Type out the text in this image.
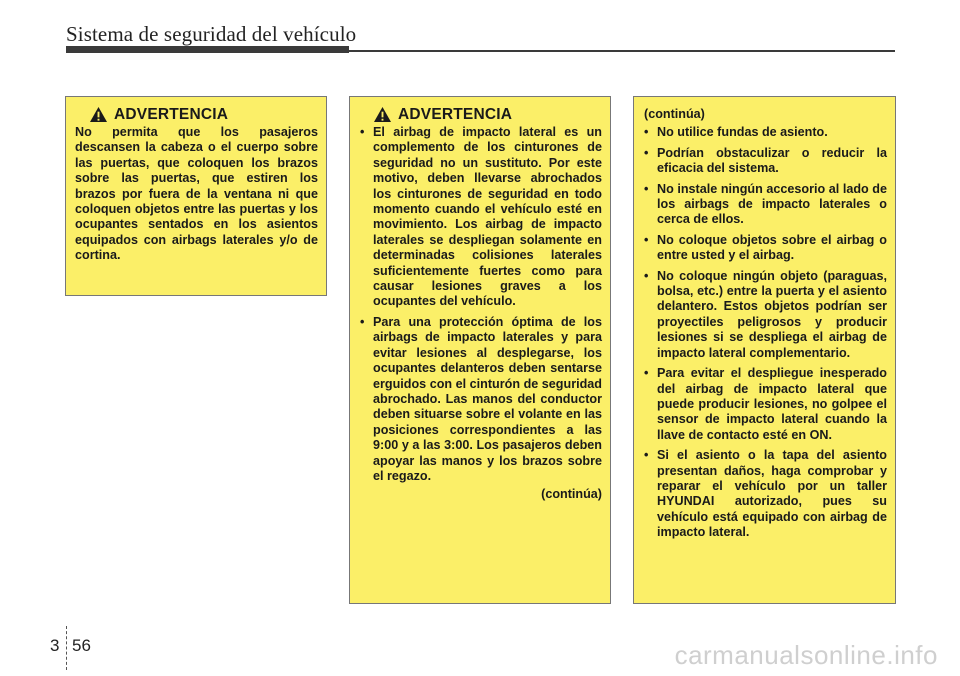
Sistema de seguridad del vehículo
ADVERTENCIA

No permita que los pasajeros descansen la cabeza o el cuerpo sobre las puertas, que coloquen los brazos sobre las puertas, que estiren los brazos por fuera de la ventana ni que coloquen objetos entre las puertas y los ocupantes sentados en los asientos equipados con airbags laterales y/o de cortina.

ADVERTENCIA
• El airbag de impacto lateral es un complemento de los cinturones de seguridad no un sustituto. Por este motivo, deben llevarse abrochados los cinturones de seguridad en todo momento cuando el vehículo esté en movimiento. Los airbag de impacto laterales se despliegan solamente en determinadas colisiones laterales suficientemente fuertes como para causar lesiones graves a los ocupantes del vehículo.
• Para una protección óptima de los airbags de impacto laterales y para evitar lesiones al desplegarse, los ocupantes delanteros deben sentarse erguidos con el cinturón de seguridad abrochado. Las manos del conductor deben situarse sobre el volante en las posiciones correspondientes a las 9:00 y a las 3:00. Los pasajeros deben apoyar las manos y los brazos sobre el regazo.
(continúa)
(continúa)
• No utilice fundas de asiento.
• Podrían obstaculizar o reducir la eficacia del sistema.
• No instale ningún accesorio al lado de los airbags de impacto laterales o cerca de ellos.
• No coloque objetos sobre el airbag o entre usted y el airbag.
• No coloque ningún objeto (paraguas, bolsa, etc.) entre la puerta y el asiento delantero. Estos objetos podrían ser proyectiles peligrosos y producir lesiones si se despliega el airbag de impacto lateral complementario.
• Para evitar el despliegue inesperado del airbag de impacto lateral que puede producir lesiones, no golpee el sensor de impacto lateral cuando la llave de contacto esté en ON.
• Si el asiento o la tapa del asiento presentan daños, haga comprobar y reparar el vehículo por un taller HYUNDAI autorizado, pues su vehículo está equipado con airbag de impacto lateral.
3 56	carmanualsonline.info
